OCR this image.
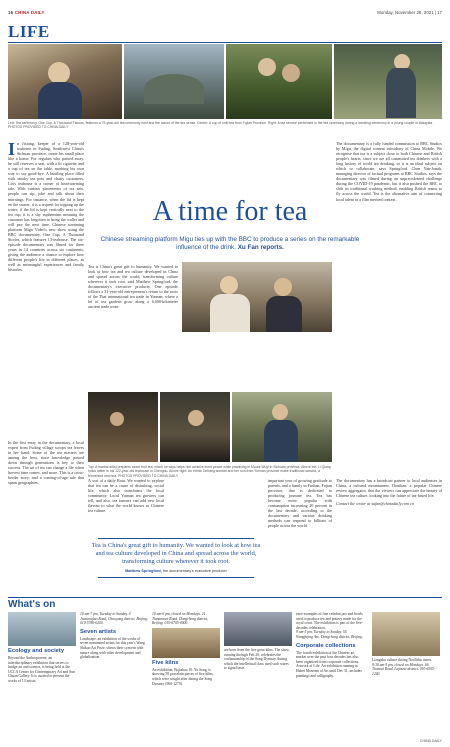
16 CHINA DAILY	Monday, November 29, 2021 | 17
LIFE
Left: Tea ceremony. One Cup, A Thousand Flavors, features a 75-year-old tea ceremony host and the actors of the tea sense. Center: A cup of cold tea from Fujian Province. Right: A tea service performed in the tea ceremony during a wedding ceremony in a young couple in Malaysia. PHOTOS PROVIDED TO CHINA DAILY
In Jixiang, keeper of a 128-year-old teahouse in Fuding, Southwest China's Sichuan province, treats his small place like a home. For regulars who passed away, he still reserves a seat, with a lit cigarette and a cup of tea on the table, marking his own way to say good-bye. A bustling place filled with smoky tea pots and chatty customers, Lin's teahouse is a corner of heartwarming tale. With various placements of tea sets, people can sip, joke and talk about their mornings. For instance, when the lid is kept on the saucer, it is a request for topping up the water; if the lid is kept vertically next to the tea cup, it is a shy euphemism meaning the customer has forgotten to bring the wallet and will pay the next time. Chinese streaming platform Migu Video's new show using the BBC documentary, One Cup, A Thousand Stories, which features 13-teahouse. The six-episode documentary was filmed for three years in 14 countries across six continents, giving the audience a chance to explore how different people's life in different places, as well as meaningful experiences and family histories.
A time for tea
Chinese streaming platform Migu ties up with the BBC to produce a series on the remarkable influence of the drink. Xu Fan reports.
The documentary is a fully funded commission to BBC Studios by Migu, the digital content subsidiary of China Mobile. We recognise that tea is a subject close to both Chinese and British people's hearts, since we are all committed tea drinkers with a long history of world tea drinking, so it is an ideal subject on which to collaborate, says Springford. Chen Yan-Jonah, managing director of factual programs at BBC Studios, says the documentary was filmed during an unprecedented challenge during the COVID-19 pandemic, but it also pushed the BBC to shift its traditional working method, enabling British teams to fly across the world. Tea is the alternative aim of connecting local talent in a film merited context.
Tea is China's great gift to humanity. We wanted to look at how tea and tea culture developed in China and spread across the world, transforming culture wherever it took root, said Matthew Springford, the documentary's executive producer. One episode follows a 31-year-old entrepreneur's return to the roots of the Thai international tea trade in Yunnan, where a lot of tea gardens grow along a 6,000-kilometer ancient trade route.
Top: A martial artist prepares stone fruit tea, which he says helps him achieve inner peace while practicing in Mount Wuyi in Sichuan province. Above left: Li Qiang holds water in his 122-year-old teahouse in Chengdu. Above right: An ethnic Dehang woman and her son from Yunnan province make traditional sancha, a fermented new tea. PHOTOS PROVIDED TO CHINA DAILY
In the first entry in the documentary, a local expert from Fuding village scoops tea leaves in her hand. Some of the tea masters are among the best, since knowledge passed down through generations is key to their success. The art of tea can change a life when harvest time comes, and more. This is a cross-border story, and a coming-of-age tale that spans geographies.	A sort of a daily Rout. We wanted to explore that tea can be a cause of disturbing, social life, which also transforms the local community. Local Yunnan tea growers can tell, and also, tea farmers can add new local flavour to what the world knows as Chinese tea culture.
important year of growing gratitude to parents, and a family in Fushan, Fujian province, that is dedicated to producing jasmine tea. Tea has become more popular with consumption increasing 20 percent in the last decade, according to the documentary and various drinking methods can respond to billions of people across the world.
The documentary has a broadcast partner to local audiences in China, a cultural mountaineer, Donikan, a popular Chinese review aggregator, that the viewers can appreciate the beauty of Chinese tea culture, looking into the future of tea-based life.
Contact the writer at xufan@chinadaily.com.cn
Tea is China's great gift to humanity. We wanted to look at how tea and tea culture developed in China and spread across the world, transforming culture wherever it took root.
Matthew Springford, the documentary's executive producer
What's on
Ecology and society
Beyond the Anthropocene, an interdisciplinary exhibition that serves to bridge art and science, is being held at the UCCA Center for Contemporary Art and Sun Chuan Gallery. It is curated to present the works of 13 artists.
10 am-7 pm, Tuesday to Sunday. 4 Jiuxianqiao Road, Chaoyang district, Beijing. 010-5780-0200.
Seven artists
Landscape, an exhibition of the works of seven nominated artists for this year's Wang Shikuo Art Prize, shows their concern with nature along with other development and globalization.
10 am-6 pm, closed on Mondays. 21 Tiananmen Road, Dongcheng district, Beijing. 010-6705-0000.
Five kilns
An exhibition, Bojiabao 10: Yu Song, is showing 58 porcelain pieces of five kilns, which were sought after during the Song Dynasty (960-1279).
are born from the five great kilns. The show, running through Feb 20, celebrates the craftsmanship of the Song Dynasty, during which the intellectual class used such wares to signal taste.
ence examples of fine celadon jars and bowls used to produce tea and pottery made for the royal court. The exhibition is part of the five-decades celebration.
9 am-5 pm, Tuesday to Sunday. 55 Wangfujing Ave, Dongcheng district, Beijing.
Corporate collections
The fourth exhibition of the Chinese art market over the past four decades has also been organized from corporate collections. Artwork of Life: An exhibition running at Hubei Museum of Art until Dec 31, includes paintings and calligraphy.
Liangzhu culture during Neolithic times.
9:30 am-5 pm, closed on Mondays. 66 Tianwai Road, Lujiazui district. 010-6505-1200.
CHINA DAILY
